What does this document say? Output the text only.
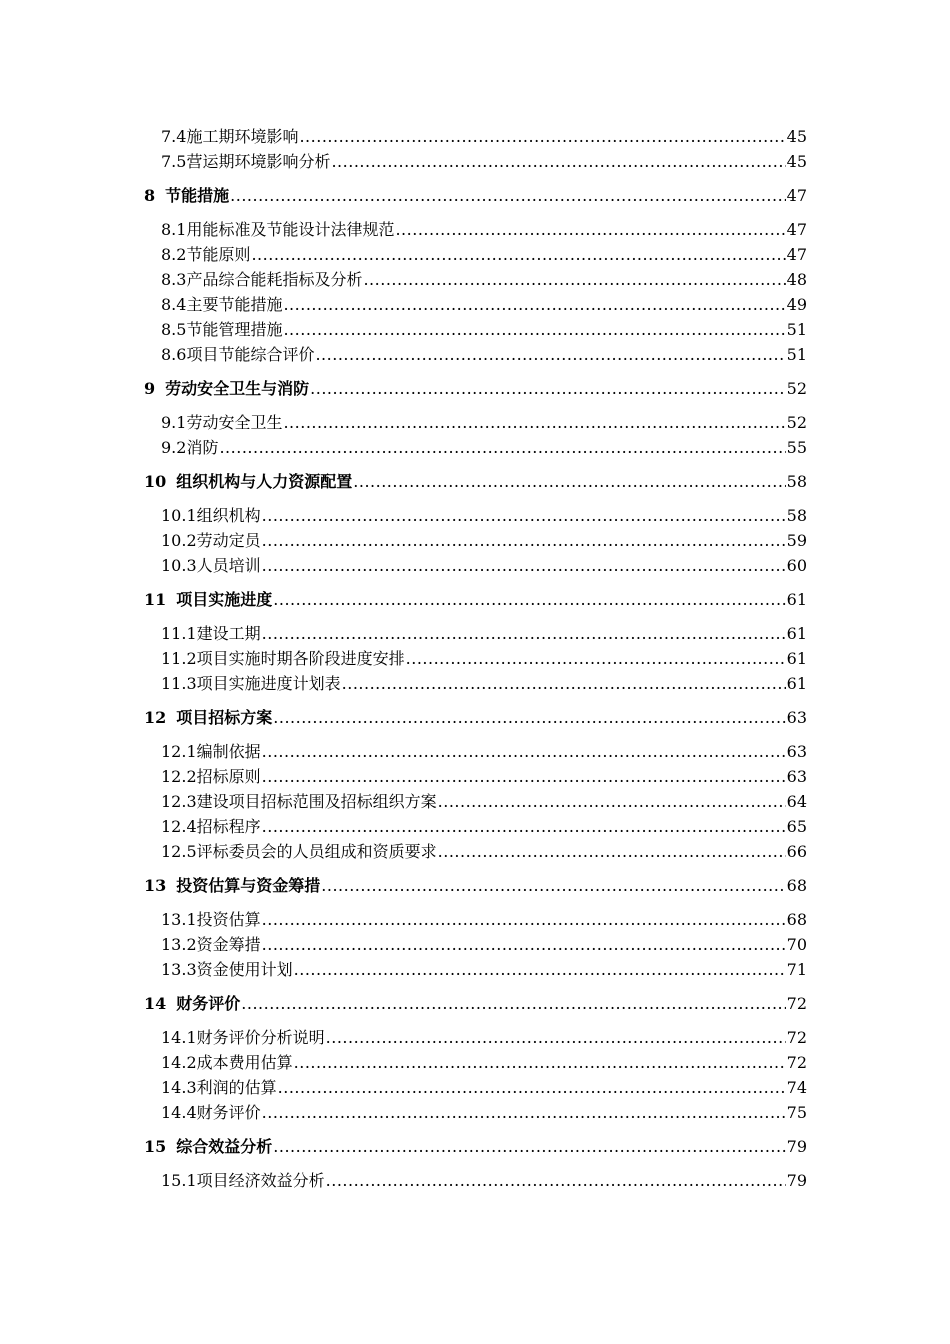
7.4 施工期环境影响 .....	45
7.5 营运期环境影响分析 .....	45
8 节能措施 .....	47
8.1 用能标准及节能设计法律规范 .....	47
8.2 节能原则 .....	47
8.3 产品综合能耗指标及分析 .....	48
8.4 主要节能措施 .....	49
8.5 节能管理措施 .....	51
8.6 项目节能综合评价 .....	51
9 劳动安全卫生与消防 .....	52
9.1 劳动安全卫生 .....	52
9.2 消防 .....	55
10 组织机构与人力资源配置 .....	58
10.1 组织机构 .....	58
10.2 劳动定员 .....	59
10.3 人员培训 .....	60
11 项目实施进度 .....	61
11.1 建设工期 .....	61
11.2 项目实施时期各阶段进度安排 .....	61
11.3 项目实施进度计划表 .....	61
12 项目招标方案 .....	63
12.1 编制依据 .....	63
12.2 招标原则 .....	63
12.3 建设项目招标范围及招标组织方案 .....	64
12.4 招标程序 .....	65
12.5 评标委员会的人员组成和资质要求 .....	66
13 投资估算与资金筹措 .....	68
13.1 投资估算 .....	68
13.2 资金筹措 .....	70
13.3 资金使用计划 .....	71
14 财务评价 .....	72
14.1 财务评价分析说明 .....	72
14.2 成本费用估算 .....	72
14.3 利润的估算 .....	74
14.4 财务评价 .....	75
15 综合效益分析 .....	79
15.1 项目经济效益分析 .....	79
